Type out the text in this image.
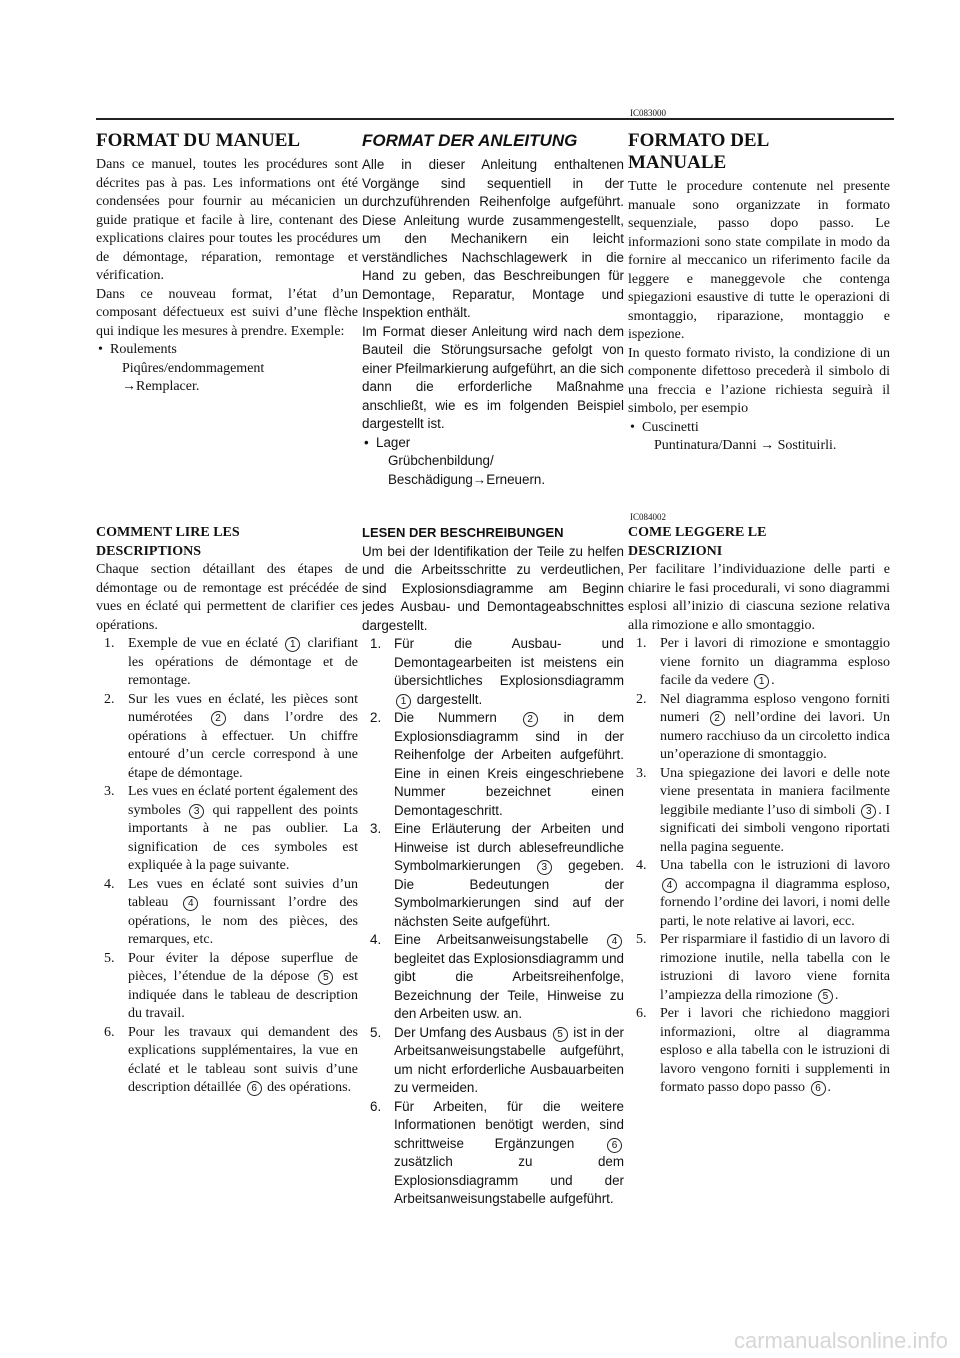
IC083000
IC084002
FORMAT DU MANUEL

Dans ce manuel, toutes les procédures sont décrites pas à pas. Les informations ont été condensées pour fournir au mécanicien un guide pratique et facile à lire, contenant des explications claires pour toutes les procédures de démontage, réparation, remontage et vérification.

Dans ce nouveau format, l’état d’un composant défectueux est suivi d’une flèche qui indique les mesures à prendre. Exemple:

• Roulements

Piqûres/endommagement

→Remplacer.

FORMAT DER ANLEITUNG

Alle in dieser Anleitung enthaltenen Vorgänge sind sequentiell in der durchzuführenden Reihenfolge aufgeführt. Diese Anleitung wurde zusammengestellt, um den Mechanikern ein leicht verständliches Nachschlagewerk in die Hand zu geben, das Beschreibungen für Demontage, Reparatur, Montage und Inspektion enthält.

Im Format dieser Anleitung wird nach dem Bauteil die Störungsursache gefolgt von einer Pfeilmarkierung aufgeführt, an die sich dann die erforderliche Maßnahme anschließt, wie es im folgenden Beispiel dargestellt ist.

• Lager

Grübchenbildung/

Beschädigung→Erneuern.

FORMATO DEL
MANUALE

Tutte le procedure contenute nel presente manuale sono organizzate in formato sequenziale, passo dopo passo. Le informazioni sono state compilate in modo da fornire al meccanico un riferimento facile da leggere e maneggevole che contenga spiegazioni esaustive di tutte le operazioni di smontaggio, riparazione, montaggio e ispezione.

In questo formato rivisto, la condizione di un componente difettoso precederà il simbolo di una freccia e l’azione richiesta seguirà il simbolo, per esempio

• Cuscinetti

Puntinatura/Danni → Sostituirli.

COMMENT LIRE LES
DESCRIPTIONS

Chaque section détaillant des étapes de démontage ou de remontage est précédée de vues en éclaté qui permettent de clarifier ces opérations.

1. Exemple de vue en éclaté 1 clarifiant les opérations de démontage et de remontage.
2. Sur les vues en éclaté, les pièces sont numérotées 2 dans l’ordre des opérations à effectuer. Un chiffre entouré d’un cercle correspond à une étape de démontage.
3. Les vues en éclaté portent également des symboles 3 qui rappellent des points importants à ne pas oublier. La signification de ces symboles est expliquée à la page suivante.
4. Les vues en éclaté sont suivies d’un tableau 4 fournissant l’ordre des opérations, le nom des pièces, des remarques, etc.
5. Pour éviter la dépose superflue de pièces, l’étendue de la dépose 5 est indiquée dans le tableau de description du travail.
6. Pour les travaux qui demandent des explications supplémentaires, la vue en éclaté et le tableau sont suivis d’une description détaillée 6 des opérations.
LESEN DER BESCHREIBUNGEN

Um bei der Identifikation der Teile zu helfen und die Arbeitsschritte zu verdeutlichen, sind Explosionsdiagramme am Beginn jedes Ausbau- und Demontageabschnittes dargestellt.

1. Für die Ausbau- und Demontagearbeiten ist meistens ein übersichtliches Explosionsdiagramm 1 dargestellt.
2. Die Nummern	2 in dem Explosionsdiagramm sind in der Reihenfolge der Arbeiten aufgeführt. Eine in einen Kreis eingeschriebene Nummer bezeichnet einen Demontageschritt.
3. Eine Erläuterung der Arbeiten und Hinweise ist durch ablesefreundliche Symbolmarkierungen 3 gegeben. Die Bedeutungen der Symbolmarkierungen sind auf der nächsten Seite aufgeführt.
4. Eine Arbeitsanweisungstabelle 4 begleitet das Explosionsdiagramm und gibt die Arbeitsreihenfolge, Bezeichnung der Teile, Hinweise zu den Arbeiten usw. an.
5. Der Umfang des Ausbaus 5 ist in der Arbeitsanweisungstabelle aufgeführt, um nicht erforderliche Ausbauarbeiten zu vermeiden.
6. Für Arbeiten, für die weitere Informationen benötigt werden, sind schrittweise Ergänzungen	6 zusätzlich zu dem Explosionsdiagramm und der Arbeitsanweisungstabelle aufgeführt.
COME LEGGERE LE
DESCRIZIONI

Per facilitare l’individuazione delle parti e chiarire le fasi procedurali, vi sono diagrammi esplosi all’inizio di ciascuna sezione relativa alla rimozione e allo smontaggio.

1. Per i lavori di rimozione e smontaggio viene fornito un diagramma esploso facile da vedere 1 .
2. Nel diagramma esploso vengono forniti numeri 2 nell’ordine dei lavori. Un numero racchiuso da un circoletto indica un’operazione di smontaggio.
3. Una spiegazione dei lavori e delle note viene presentata in maniera facilmente leggibile mediante l’uso di simboli 3 . I significati dei simboli vengono riportati nella pagina seguente.
4. Una tabella con le istruzioni di lavoro 4 accompagna il diagramma esploso, fornendo l’ordine dei lavori, i nomi delle parti, le note relative ai lavori, ecc.
5. Per risparmiare il fastidio di un lavoro di rimozione inutile, nella tabella con le istruzioni di lavoro viene fornita l’ampiezza della rimozione 5 .
6. Per i lavori che richiedono maggiori informazioni, oltre al diagramma esploso e alla tabella con le istruzioni di lavoro vengono forniti i supplementi in formato passo dopo passo 6 .
carmanualsonline.info
